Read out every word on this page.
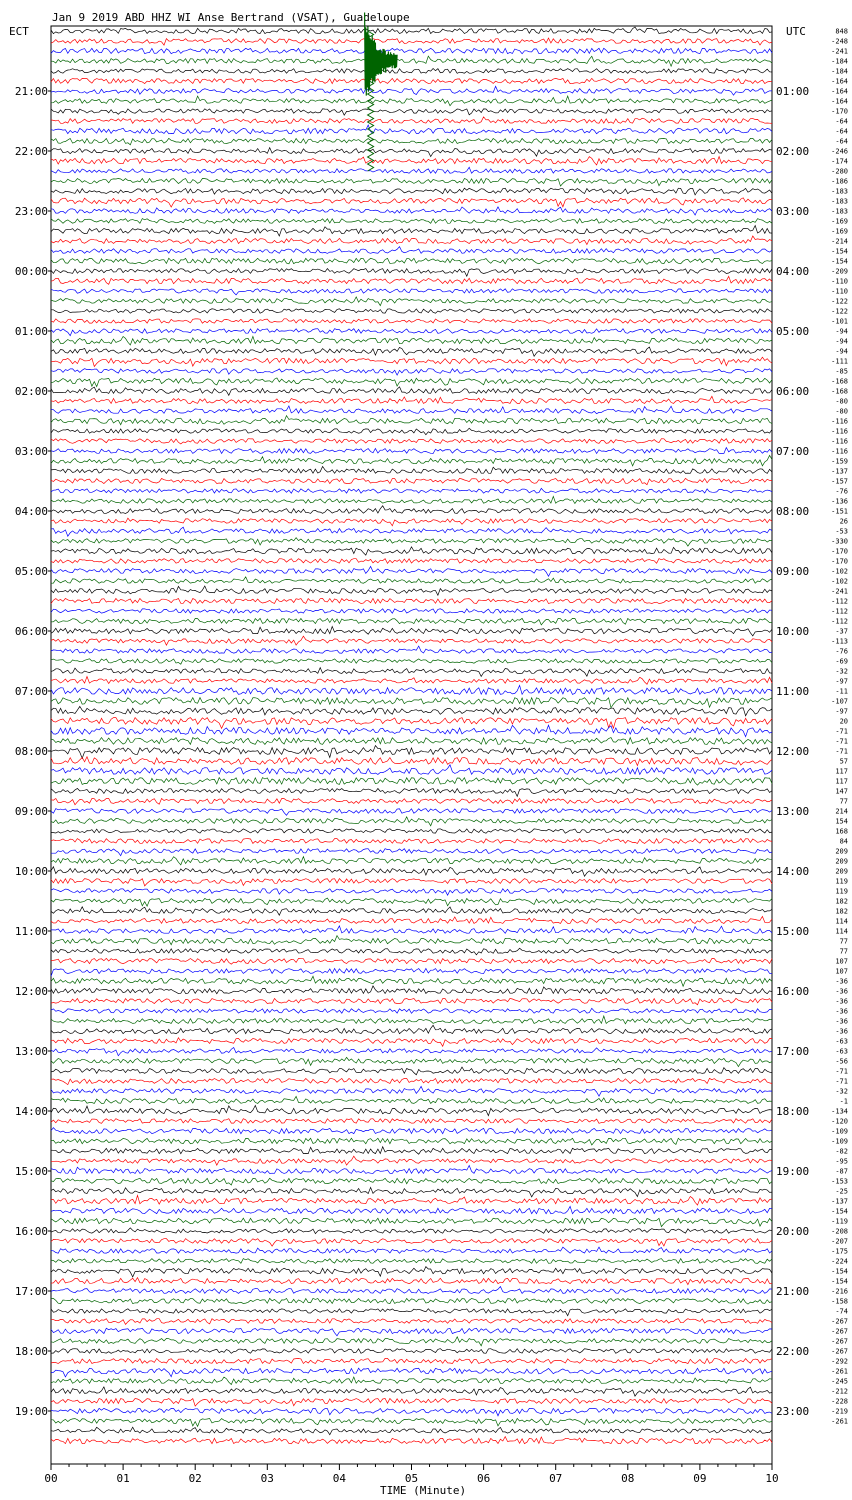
Jan 9 2019 ABD HHZ WI Anse Bertrand (VSAT), Guadeloupe
ECT	UTC
21:00
22:00
23:00
00:00
01:00
02:00
03:00
04:00
05:00
06:00
07:00
08:00
09:00
10:00
11:00
12:00
13:00
14:00
15:00
16:00
17:00
18:00
19:00
01:00
02:00
03:00
04:00
05:00
06:00
07:00
08:00
09:00
10:00
11:00
12:00
13:00
14:00
15:00
16:00
17:00
18:00
19:00
20:00
21:00
22:00
23:00
848
-248
-241
-184
-184
-164
-164
-164
-170
-64
-64
-64
-246
-174
-280
-186
-183
-183
-183
-169
-169
-214
-154
-154
-209
-110
-110
-122
-122
-101
-94
-94
-94
-111
-85
-168
-168
-80
-80
-116
-116
-116
-116
-159
-137
-157
-76
-136
-151
26
-53
-330
-170
-170
-102
-102
-241
-112
-112
-112
-37
-113
-76
-69
-32
-97
-11
-107
-97
20
-71
-71
-71
57
117
117
147
77
214
154
168
84
209
209
209
119
119
182
182
114
114
77
77
107
107
-36
-36
-36
-36
-36
-36
-63
-63
-56
-71
-71
-32
-1
-134
-120
-109
-109
-82
-95
-87
-153
-25
-137
-154
-119
-208
-207
-175
-224
-154
-154
-216
-158
-74
-267
-267
-267
-267
-292
-261
-245
-212
-228
-219
-261
00	01	02	03	04	05	06	07	08	09	10
TIME (Minute)
